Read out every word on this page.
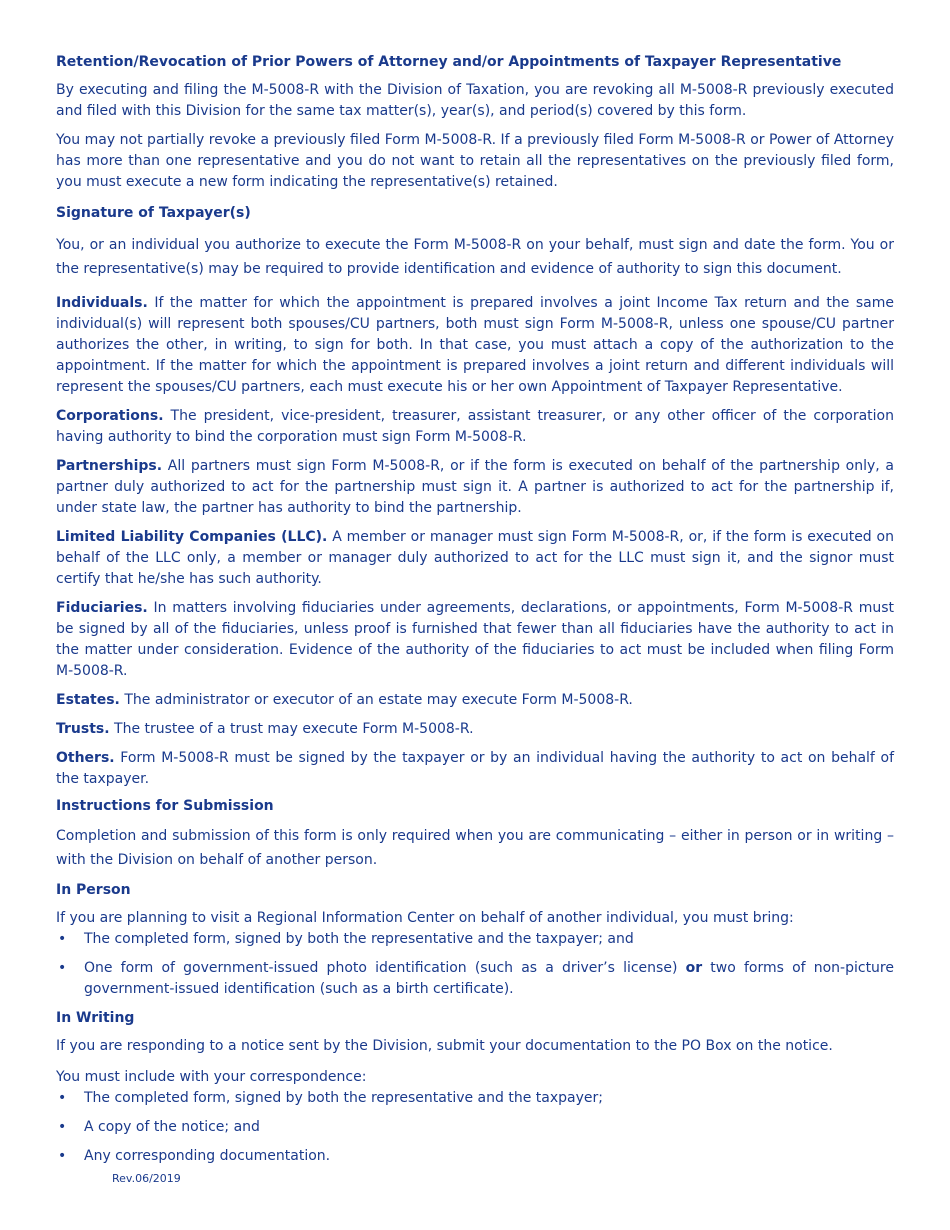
Retention/Revocation of Prior Powers of Attorney and/or Appointments of Taxpayer Representative

By executing and filing the M-5008-R with the Division of Taxation, you are revoking all M-5008-R previously executed and filed with this Division for the same tax matter(s), year(s), and period(s) covered by this form.

You may not partially revoke a previously filed Form M-5008-R. If a previously filed Form M-5008-R or Power of Attorney has more than one representative and you do not want to retain all the representatives on the previously filed form, you must execute a new form indicating the representative(s) retained.

Signature of Taxpayer(s)

You, or an individual you authorize to execute the Form M-5008-R on your behalf, must sign and date the form. You or the representative(s) may be required to provide identification and evidence of authority to sign this document.

Individuals. If the matter for which the appointment is prepared involves a joint Income Tax return and the same individual(s) will represent both spouses/CU partners, both must sign Form M-5008-R, unless one spouse/CU partner authorizes the other, in writing, to sign for both. In that case, you must attach a copy of the authorization to the appointment. If the matter for which the appointment is prepared involves a joint return and different individuals will represent the spouses/CU partners, each must execute his or her own Appointment of Taxpayer Representative.

Corporations. The president, vice-president, treasurer, assistant treasurer, or any other officer of the corporation having authority to bind the corporation must sign Form M-5008-R.

Partnerships. All partners must sign Form M-5008-R, or if the form is executed on behalf of the partnership only, a partner duly authorized to act for the partnership must sign it. A partner is authorized to act for the partnership if, under state law, the partner has authority to bind the partnership.

Limited Liability Companies (LLC). A member or manager must sign Form M-5008-R, or, if the form is executed on behalf of the LLC only, a member or manager duly authorized to act for the LLC must sign it, and the signor must certify that he/she has such authority.

Fiduciaries. In matters involving fiduciaries under agreements, declarations, or appointments, Form M-5008-R must be signed by all of the fiduciaries, unless proof is furnished that fewer than all fiduciaries have the authority to act in the matter under consideration. Evidence of the authority of the fiduciaries to act must be included when filing Form M-5008-R.

Estates. The administrator or executor of an estate may execute Form M-5008-R.

Trusts. The trustee of a trust may execute Form M-5008-R.

Others. Form M-5008-R must be signed by the taxpayer or by an individual having the authority to act on behalf of the taxpayer.

Instructions for Submission

Completion and submission of this form is only required when you are communicating – either in person or in writing – with the Division on behalf of another person.

In Person

If you are planning to visit a Regional Information Center on behalf of another individual, you must bring:

• The completed form, signed by both the representative and the taxpayer; and
• One form of government-issued photo identification (such as a driver’s license) or two forms of non-picture government-issued identification (such as a birth certificate).

In Writing

If you are responding to a notice sent by the Division, submit your documentation to the PO Box on the notice.

You must include with your correspondence:

• The completed form, signed by both the representative and the taxpayer;
• A copy of the notice; and
• Any corresponding documentation.
Rev.06/2019
